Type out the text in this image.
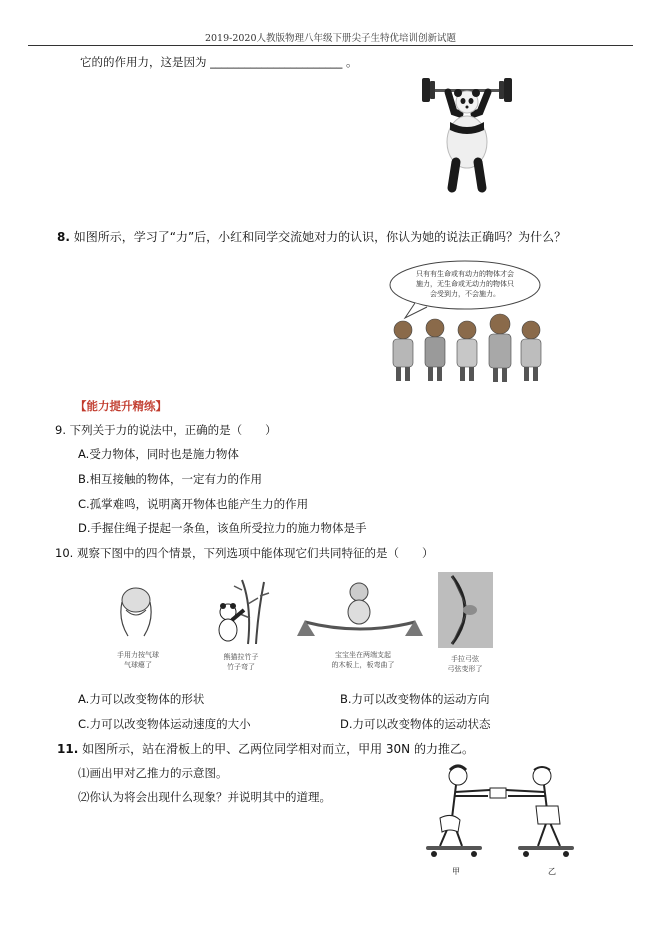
2019-2020人教版物理八年级下册尖子生特优培训创新试题
它的的作用力，这是因为 _______________________ 。
8. 如图所示，学习了“力”后，小红和同学交流她对力的认识，你认为她的说法正确吗？为什么？
只有有生命或有动力的物体才会
施力，无生命或无动力的物体只
会受到力，不会施力。
【能力提升精练】
9. 下列关于力的说法中，正确的是（　　）
A.受力物体，同时也是施力物体
B.相互接触的物体，一定有力的作用
C.孤掌难鸣，说明离开物体也能产生力的作用
D.手握住绳子提起一条鱼，该鱼所受拉力的施力物体是手
10. 观察下图中的四个情景，下列选项中能体现它们共同特征的是（　　）
手用力按气球
气球瘪了
熊猫拉竹子
竹子弯了
宝宝坐在两端支起
的木板上，板弯曲了
手拉弓弦
弓弦变形了
A.力可以改变物体的形状	B.力可以改变物体的运动方向
C.力可以改变物体运动速度的大小	D.力可以改变物体的运动状态
11. 如图所示，站在滑板上的甲、乙两位同学相对而立，甲用 30N 的力推乙。
⑴画出甲对乙推力的示意图。
⑵你认为将会出现什么现象？并说明其中的道理。
甲	乙
